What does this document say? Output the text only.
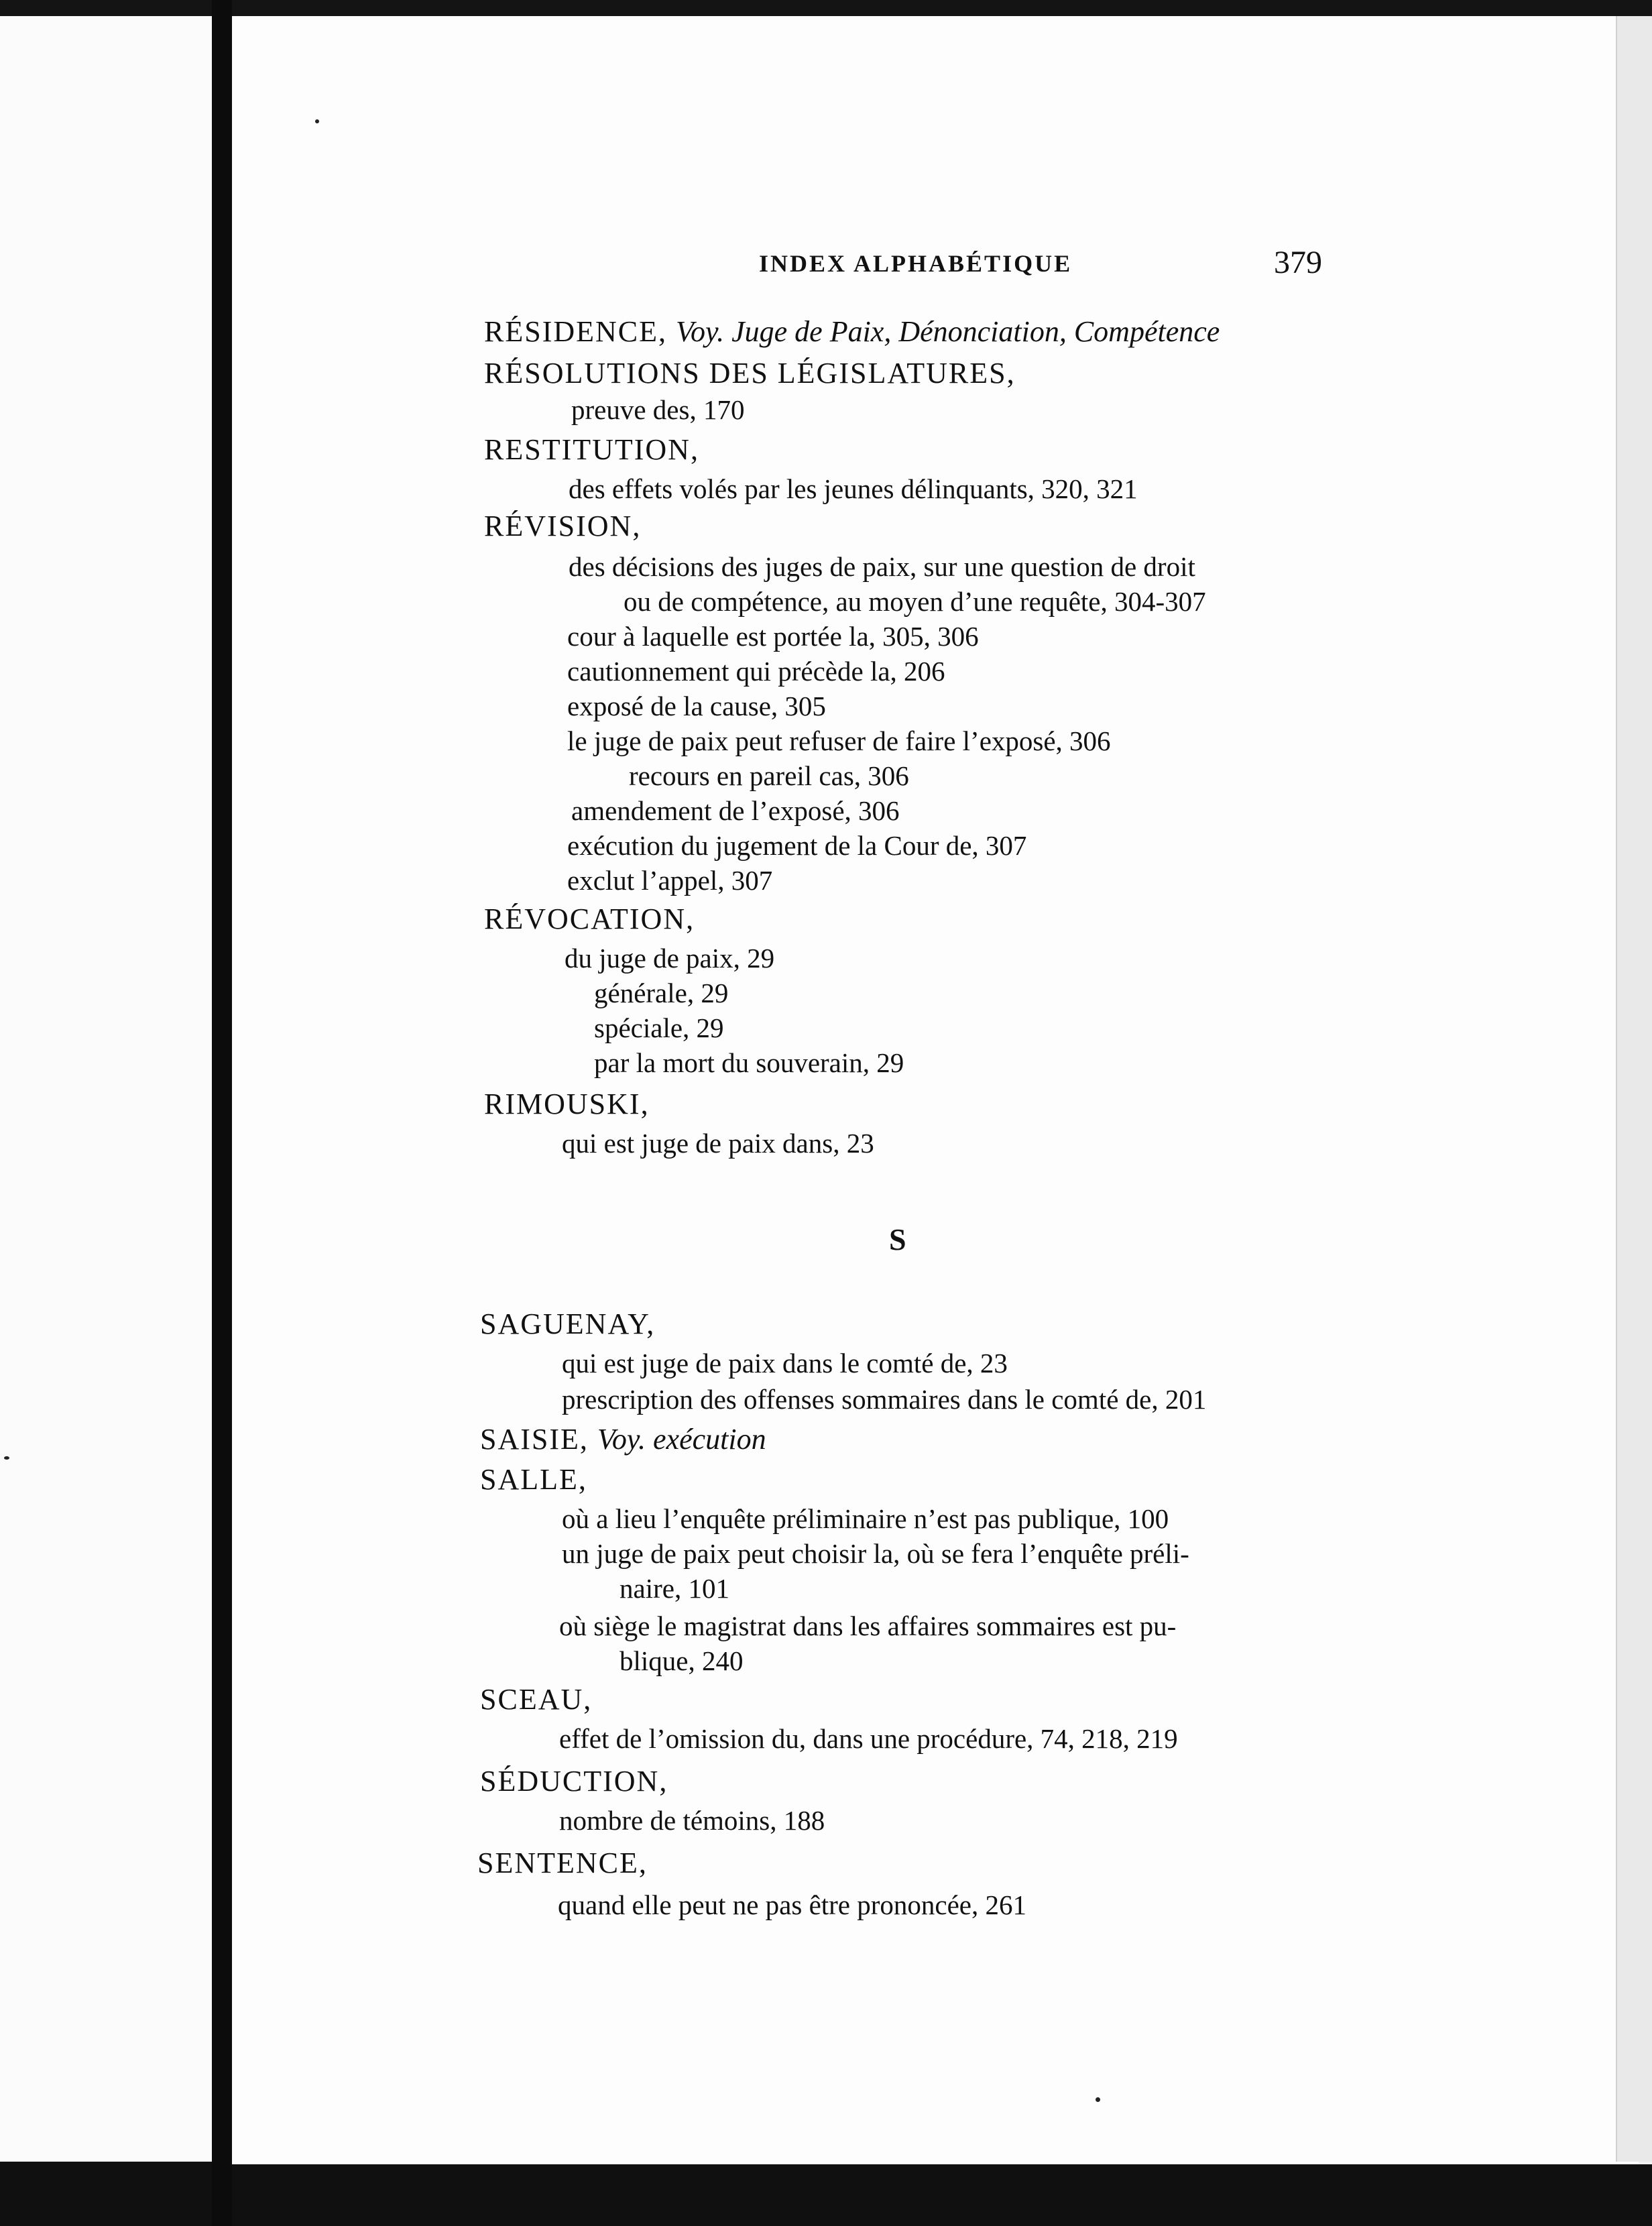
INDEX ALPHABÉTIQUE	379
RÉSIDENCE, Voy. Juge de Paix, Dénonciation, Compétence
RÉSOLUTIONS DES LÉGISLATURES,
preuve des, 170
RESTITUTION,
des effets volés par les jeunes délinquants, 320, 321
RÉVISION,
des décisions des juges de paix, sur une question de droit
ou de compétence, au moyen d’une requête, 304-307
cour à laquelle est portée la, 305, 306
cautionnement qui précède la, 206
exposé de la cause, 305
le juge de paix peut refuser de faire l’exposé, 306
recours en pareil cas, 306
amendement de l’exposé, 306
exécution du jugement de la Cour de, 307
exclut l’appel, 307
RÉVOCATION,
du juge de paix, 29
générale, 29
spéciale, 29
par la mort du souverain, 29
RIMOUSKI,
qui est juge de paix dans, 23
S
SAGUENAY,
qui est juge de paix dans le comté de, 23
prescription des offenses sommaires dans le comté de, 201
SAISIE, Voy. exécution
SALLE,
où a lieu l’enquête préliminaire n’est pas publique, 100
un juge de paix peut choisir la, où se fera l’enquête préli-
naire, 101
où siège le magistrat dans les affaires sommaires est pu-
blique, 240
SCEAU,
effet de l’omission du, dans une procédure, 74, 218, 219
SÉDUCTION,
nombre de témoins, 188
SENTENCE,
quand elle peut ne pas être prononcée, 261
